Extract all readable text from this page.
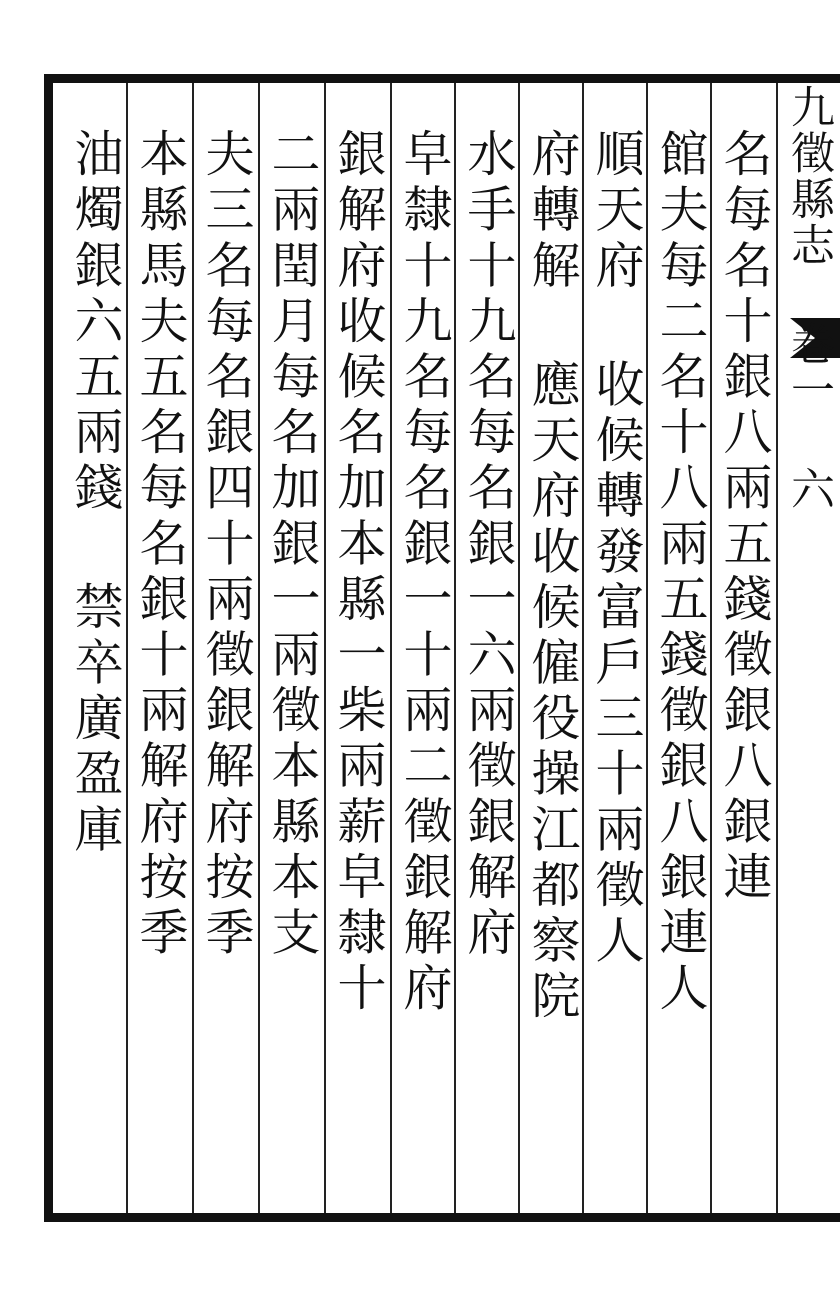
名每名十銀八兩五錢徵銀八銀連
館夫每二名十八兩五錢徵銀八銀連人
順天府 收候轉發富戶三十兩徵人
府轉解 應天府收候僱役操江都察院
水手十九名每名銀一六兩徵銀解府
皁隸十九名每名銀一十兩二徵銀解府
銀解府收候名加本縣一柴兩薪皁隸十
二兩閏月每名加銀一兩徵本縣本支
夫三名每名銀四十兩徵銀解府按季
本縣馬夫五名每名銀十兩解府按季
油燭銀六五兩錢 禁卒廣盈庫	九徵縣志 卷一 六
